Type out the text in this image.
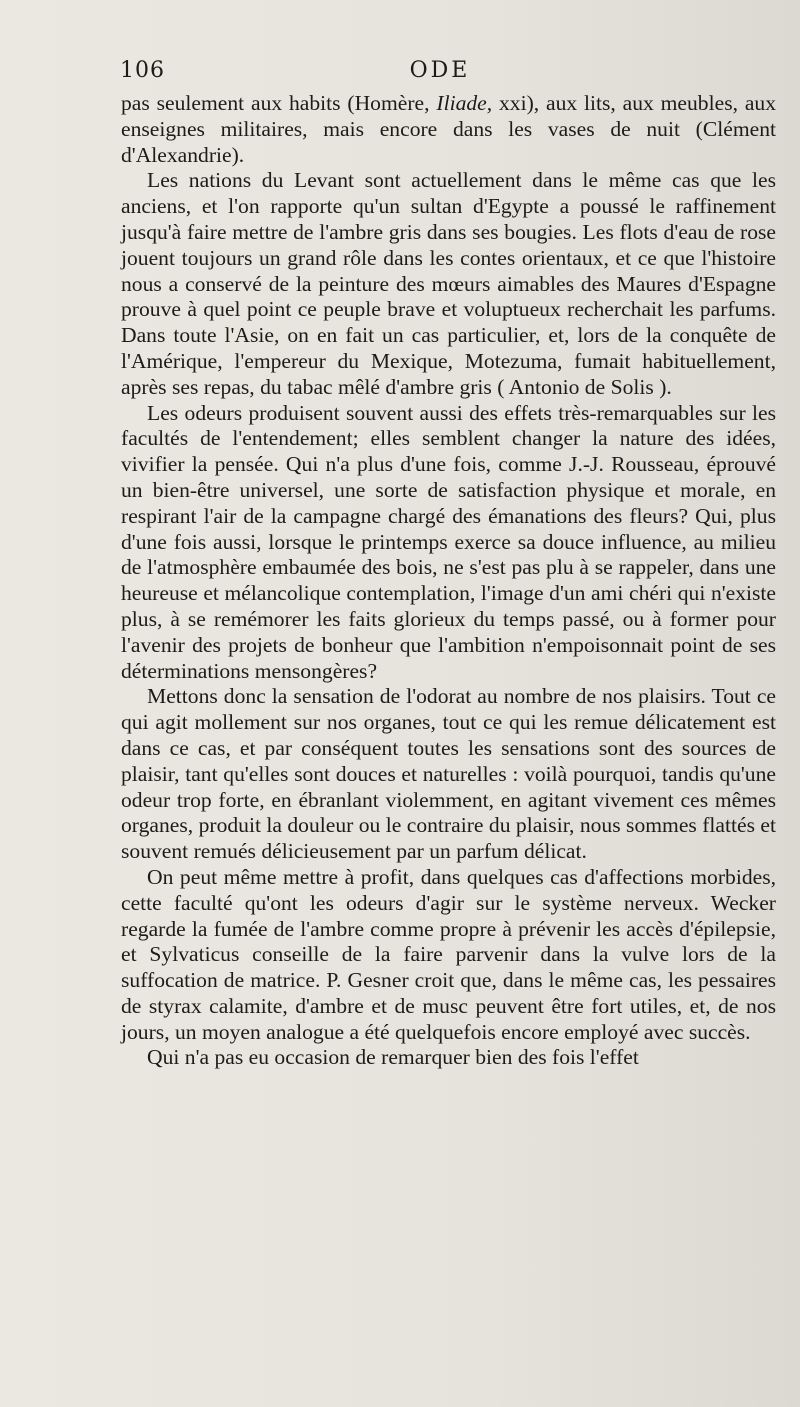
106	ODE

pas seulement aux habits (Homère, Iliade, xxi), aux lits, aux meubles, aux enseignes militaires, mais encore dans les vases de nuit (Clément d'Alexandrie).

Les nations du Levant sont actuellement dans le même cas que les anciens, et l'on rapporte qu'un sultan d'Egypte a poussé le raffinement jusqu'à faire mettre de l'ambre gris dans ses bougies. Les flots d'eau de rose jouent toujours un grand rôle dans les contes orientaux, et ce que l'histoire nous a conservé de la peinture des mœurs aimables des Maures d'Espagne prouve à quel point ce peuple brave et voluptueux recherchait les parfums. Dans toute l'Asie, on en fait un cas particulier, et, lors de la conquête de l'Amérique, l'empereur du Mexique, Motezuma, fumait habituellement, après ses repas, du tabac mêlé d'ambre gris ( Antonio de Solis ).

Les odeurs produisent souvent aussi des effets très-remarquables sur les facultés de l'entendement; elles semblent changer la nature des idées, vivifier la pensée. Qui n'a plus d'une fois, comme J.-J. Rousseau, éprouvé un bien-être universel, une sorte de satisfaction physique et morale, en respirant l'air de la campagne chargé des émanations des fleurs? Qui, plus d'une fois aussi, lorsque le printemps exerce sa douce influence, au milieu de l'atmosphère embaumée des bois, ne s'est pas plu à se rappeler, dans une heureuse et mélancolique contemplation, l'image d'un ami chéri qui n'existe plus, à se remémorer les faits glorieux du temps passé, ou à former pour l'avenir des projets de bonheur que l'ambition n'empoisonnait point de ses déterminations mensongères?

Mettons donc la sensation de l'odorat au nombre de nos plaisirs. Tout ce qui agit mollement sur nos organes, tout ce qui les remue délicatement est dans ce cas, et par conséquent toutes les sensations sont des sources de plaisir, tant qu'elles sont douces et naturelles : voilà pourquoi, tandis qu'une odeur trop forte, en ébranlant violemment, en agitant vivement ces mêmes organes, produit la douleur ou le contraire du plaisir, nous sommes flattés et souvent remués délicieusement par un parfum délicat.

On peut même mettre à profit, dans quelques cas d'affections morbides, cette faculté qu'ont les odeurs d'agir sur le système nerveux. Wecker regarde la fumée de l'ambre comme propre à prévenir les accès d'épilepsie, et Sylvaticus conseille de la faire parvenir dans la vulve lors de la suffocation de matrice. P. Gesner croit que, dans le même cas, les pessaires de styrax calamite, d'ambre et de musc peuvent être fort utiles, et, de nos jours, un moyen analogue a été quelquefois encore employé avec succès.

Qui n'a pas eu occasion de remarquer bien des fois l'effet
